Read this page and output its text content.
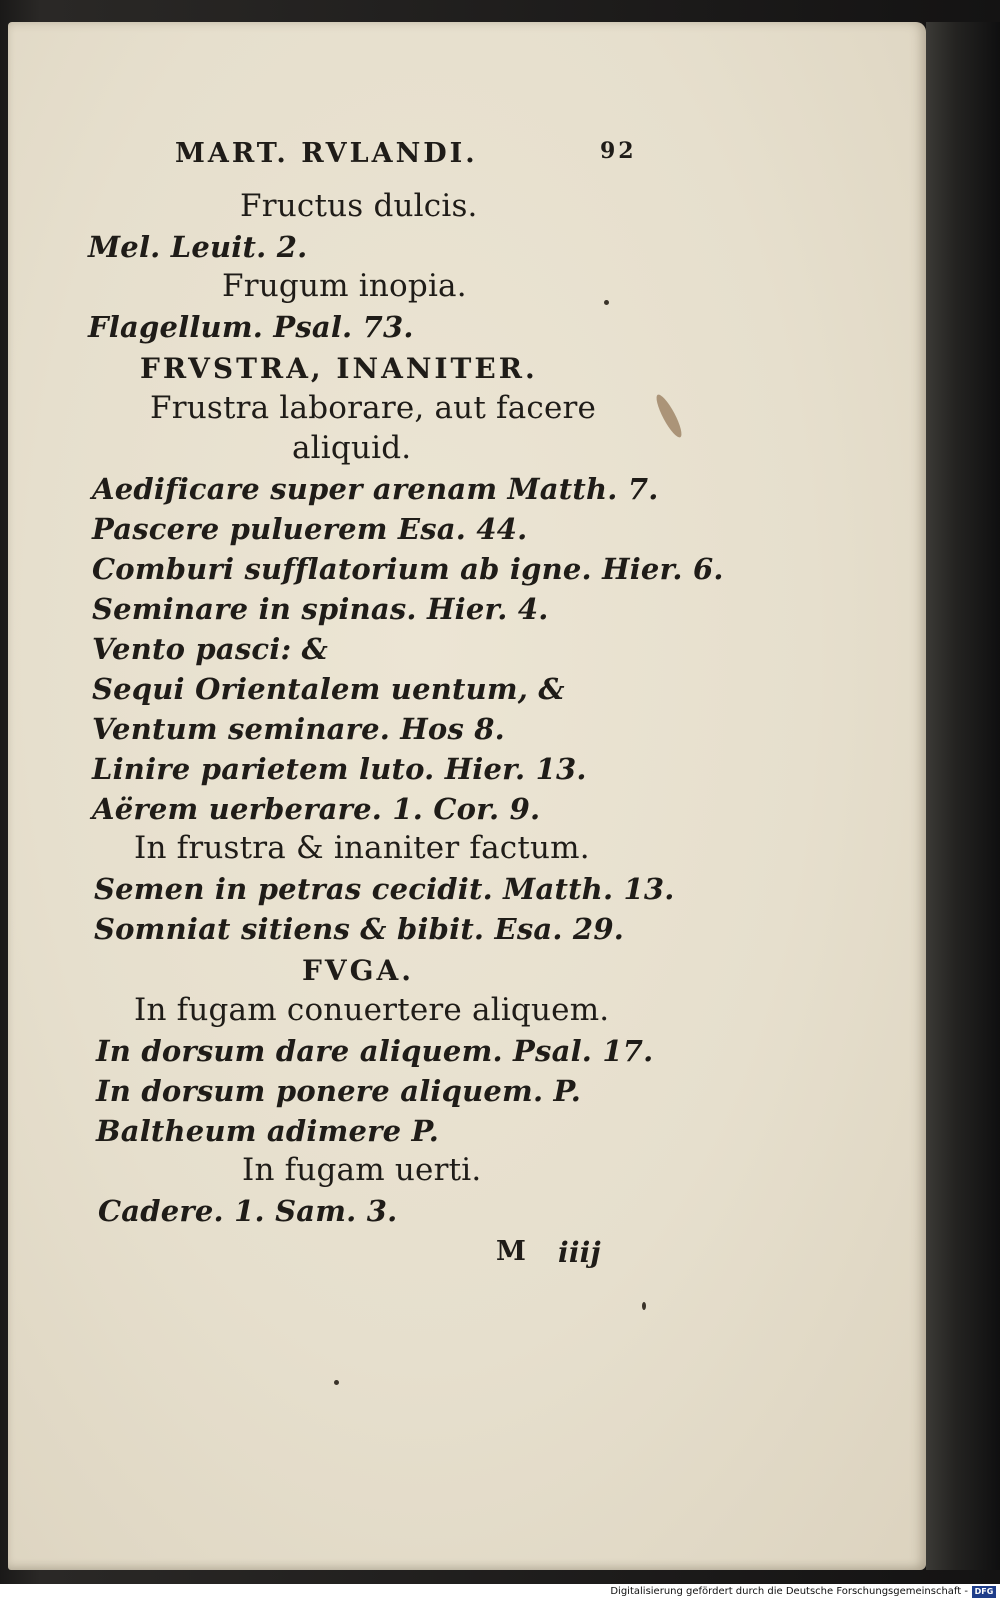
MART. RVLANDI.	92
Fructus dulcis.
Mel. Leuit. 2.
Frugum inopia.
Flagellum. Psal. 73.
FRVSTRA, INANITER.
Frustra laborare, aut facere
aliquid.
Aedificare super arenam Matth. 7.
Pascere puluerem Esa. 44.
Comburi sufflatorium ab igne. Hier. 6.
Seminare in spinas. Hier. 4.
Vento pasci: &
Sequi Orientalem uentum, &
Ventum seminare. Hos 8.
Linire parietem luto. Hier. 13.
Aërem uerberare. 1. Cor. 9.
In frustra & inaniter factum.
Semen in petras cecidit. Matth. 13.
Somniat sitiens & bibit. Esa. 29.
FVGA.
In fugam conuertere aliquem.
In dorsum dare aliquem. Psal. 17.
In dorsum ponere aliquem. P.
Baltheum adimere P.
In fugam uerti.
Cadere. 1. Sam. 3.
M iiij
Digitalisierung gefördert durch die Deutsche Forschungsgemeinschaft - DFG
